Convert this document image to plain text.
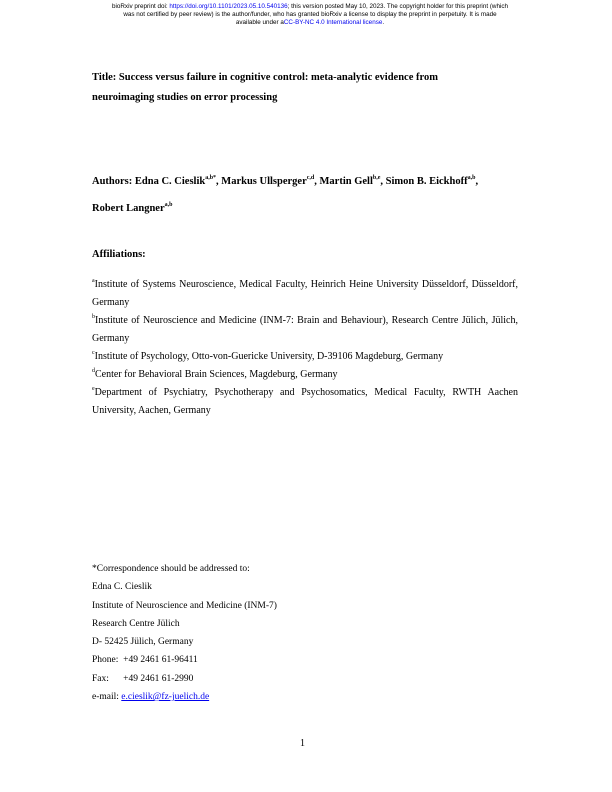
bioRxiv preprint doi: https://doi.org/10.1101/2023.05.10.540136; this version posted May 10, 2023. The copyright holder for this preprint (which
was not certified by peer review) is the author/funder, who has granted bioRxiv a license to display the preprint in perpetuity. It is made
available under aCC-BY-NC 4.0 International license.
Title: Success versus failure in cognitive control: meta-analytic evidence from
neuroimaging studies on error processing
Authors: Edna C. Cieslik$^{a,b*}$, Markus Ullsperger$^{c,d}$, Martin Gell$^{b,e}$, Simon B. Eickhoff$^{a,b}$,
Robert Langner$^{a,b}$
Affiliations:
$^a$Institute of Systems Neuroscience, Medical Faculty, Heinrich Heine University Düsseldorf, Düsseldorf, Germany
$^b$Institute of Neuroscience and Medicine (INM-7: Brain and Behaviour), Research Centre Jülich, Jülich, Germany
$^c$Institute of Psychology, Otto-von-Guericke University, D-39106 Magdeburg, Germany
$^d$Center for Behavioral Brain Sciences, Magdeburg, Germany
$^e$Department of Psychiatry, Psychotherapy and Psychosomatics, Medical Faculty, RWTH Aachen University, Aachen, Germany
*Correspondence should be addressed to:
Edna C. Cieslik
Institute of Neuroscience and Medicine (INM-7)
Research Centre Jülich
D- 52425 Jülich, Germany
Phone: +49 2461 61-96411
Fax: +49 2461 61-2990
e-mail: e.cieslik@fz-juelich.de
1
